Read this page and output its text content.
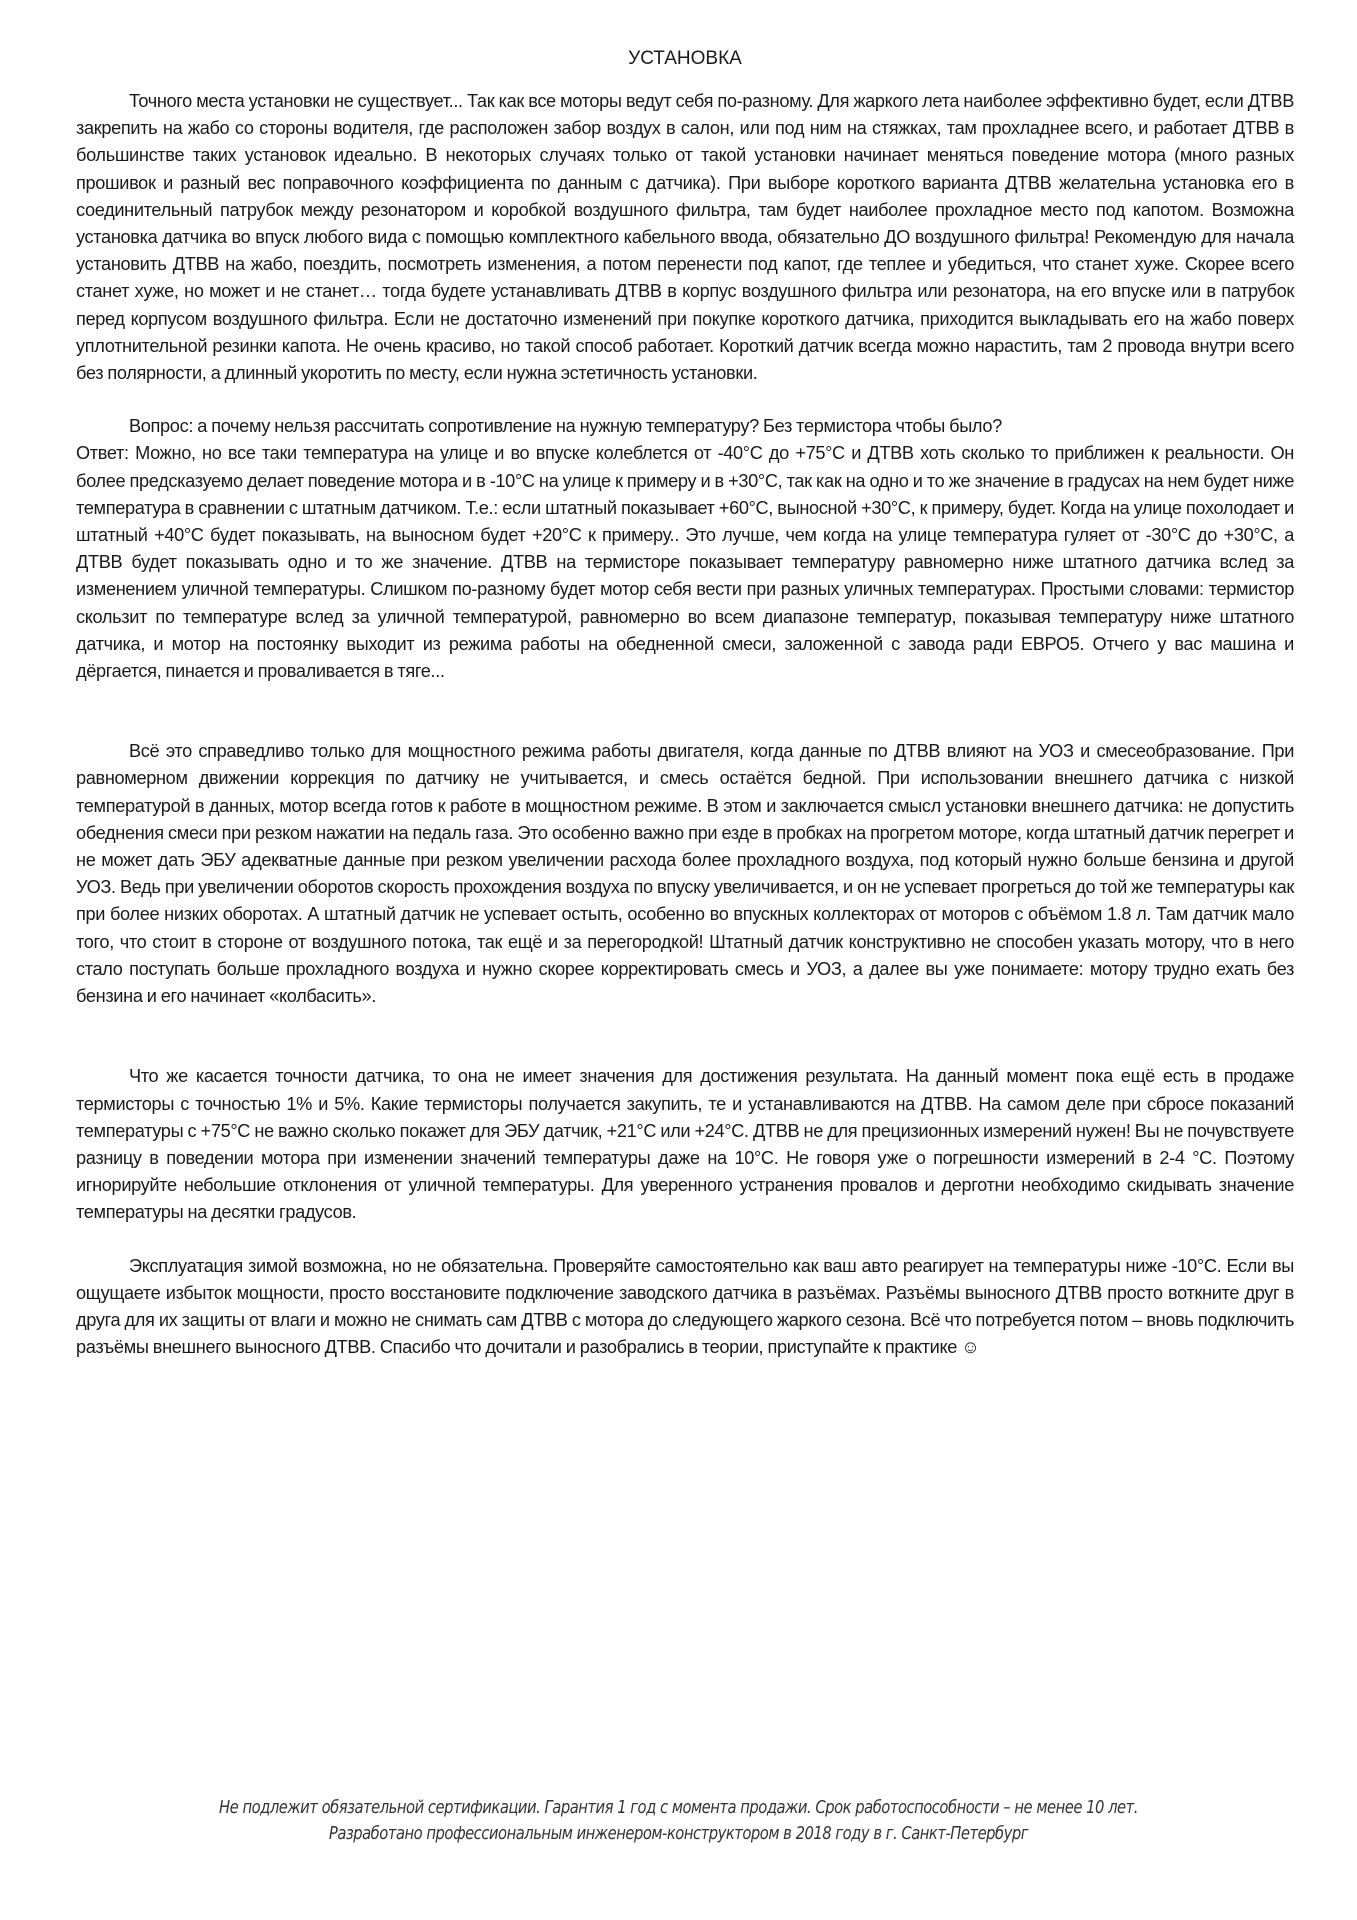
УСТАНОВКА

Точного места установки не существует... Так как все моторы ведут себя по-разному. Для жаркого лета наиболее эффективно будет, если ДТВВ закрепить на жабо со стороны водителя, где расположен забор воздух в салон, или под ним на стяжках, там прохладнее всего, и работает ДТВВ в большинстве таких установок идеально. В некоторых случаях только от такой установки начинает меняться поведение мотора (много разных прошивок и разный вес поправочного коэффициента по данным с датчика). При выборе короткого варианта ДТВВ желательна установка его в соединительный патрубок между резонатором и коробкой воздушного фильтра, там будет наиболее прохладное место под капотом. Возможна установка датчика во впуск любого вида с помощью комплектного кабельного ввода, обязательно ДО воздушного фильтра! Рекомендую для начала установить ДТВВ на жабо, поездить, посмотреть изменения, а потом перенести под капот, где теплее и убедиться, что станет хуже. Скорее всего станет хуже, но может и не станет… тогда будете устанавливать ДТВВ в корпус воздушного фильтра или резонатора, на его впуске или в патрубок перед корпусом воздушного фильтра. Если не достаточно изменений при покупке короткого датчика, приходится выкладывать его на жабо поверх уплотнительной резинки капота. Не очень красиво, но такой способ работает. Короткий датчик всегда можно нарастить, там 2 провода внутри всего без полярности, а длинный укоротить по месту, если нужна эстетичность установки.

Вопрос: а почему нельзя рассчитать сопротивление на нужную температуру? Без термистора чтобы было?

Ответ: Можно, но все таки температура на улице и во впуске колеблется от -40°С до +75°С и ДТВВ хоть сколько то приближен к реальности. Он более предсказуемо делает поведение мотора и в -10°С на улице к примеру и в +30°С, так как на одно и то же значение в градусах на нем будет ниже температура в сравнении с штатным датчиком. Т.е.: если штатный показывает +60°С, выносной +30°С, к примеру, будет. Когда на улице похолодает и штатный +40°С будет показывать, на выносном будет +20°С к примеру.. Это лучше, чем когда на улице температура гуляет от -30°С до +30°С, а ДТВВ будет показывать одно и то же значение. ДТВВ на термисторе показывает температуру равномерно ниже штатного датчика вслед за изменением уличной температуры. Слишком по-разному будет мотор себя вести при разных уличных температурах. Простыми словами: термистор скользит по температуре вслед за уличной температурой, равномерно во всем диапазоне температур, показывая температуру ниже штатного датчика, и мотор на постоянку выходит из режима работы на обедненной смеси, заложенной с завода ради ЕВРО5. Отчего у вас машина и дёргается, пинается и проваливается в тяге...

Всё это справедливо только для мощностного режима работы двигателя, когда данные по ДТВВ влияют на УОЗ и смесеобразование. При равномерном движении коррекция по датчику не учитывается, и смесь остаётся бедной. При использовании внешнего датчика с низкой температурой в данных, мотор всегда готов к работе в мощностном режиме. В этом и заключается смысл установки внешнего датчика: не допустить обеднения смеси при резком нажатии на педаль газа. Это особенно важно при езде в пробках на прогретом моторе, когда штатный датчик перегрет и не может дать ЭБУ адекватные данные при резком увеличении расхода более прохладного воздуха, под который нужно больше бензина и другой УОЗ. Ведь при увеличении оборотов скорость прохождения воздуха по впуску увеличивается, и он не успевает прогреться до той же температуры как при более низких оборотах. А штатный датчик не успевает остыть, особенно во впускных коллекторах от моторов с объёмом 1.8 л. Там датчик мало того, что стоит в стороне от воздушного потока, так ещё и за перегородкой! Штатный датчик конструктивно не способен указать мотору, что в него стало поступать больше прохладного воздуха и нужно скорее корректировать смесь и УОЗ, а далее вы уже понимаете: мотору трудно ехать без бензина и его начинает «колбасить».

Что же касается точности датчика, то она не имеет значения для достижения результата. На данный момент пока ещё есть в продаже термисторы с точностью 1% и 5%. Какие термисторы получается закупить, те и устанавливаются на ДТВВ. На самом деле при сбросе показаний температуры с +75°С не важно сколько покажет для ЭБУ датчик, +21°С или +24°С. ДТВВ не для прецизионных измерений нужен! Вы не почувствуете разницу в поведении мотора при изменении значений температуры даже на 10°С. Не говоря уже о погрешности измерений в 2-4 °С. Поэтому игнорируйте небольшие отклонения от уличной температуры. Для уверенного устранения провалов и дерготни необходимо скидывать значение температуры на десятки градусов.

Эксплуатация зимой возможна, но не обязательна. Проверяйте самостоятельно как ваш авто реагирует на температуры ниже -10°С. Если вы ощущаете избыток мощности, просто восстановите подключение заводского датчика в разъёмах. Разъёмы выносного ДТВВ просто воткните друг в друга для их защиты от влаги и можно не снимать сам ДТВВ с мотора до следующего жаркого сезона. Всё что потребуется потом – вновь подключить разъёмы внешнего выносного ДТВВ. Спасибо что дочитали и разобрались в теории, приступайте к практике ☺

Не подлежит обязательной сертификации. Гарантия 1 год с момента продажи. Срок работоспособности – не менее 10 лет.
Разработано профессиональным инженером-конструктором в 2018 году в г. Санкт-Петербург
